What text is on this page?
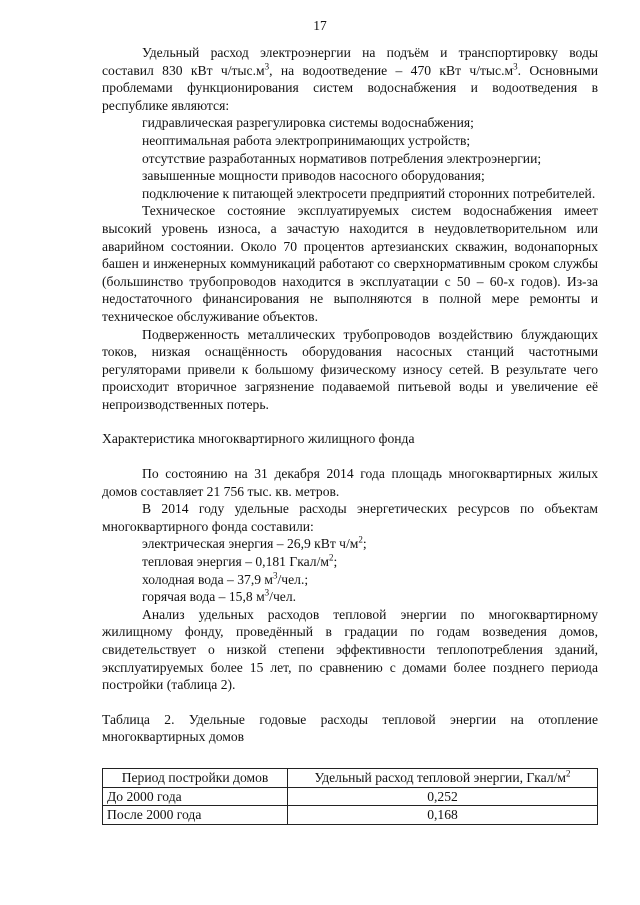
17

Удельный расход электроэнергии на подъём и транспортировку воды составил 830 кВт $ч/тыс.м^3$, на водоотведение – 470 кВт $ч/тыс.м^3$. Основными проблемами функционирования систем водоснабжения и водоотведения в республике являются:

гидравлическая разрегулировка системы водоснабжения;

неоптимальная работа электропринимающих устройств;

отсутствие разработанных нормативов потребления электроэнергии;

завышенные мощности приводов насосного оборудования;

подключение к питающей электросети предприятий сторонних потребителей.

Техническое состояние эксплуатируемых систем водоснабжения имеет высокий уровень износа, а зачастую находится в неудовлетворительном или аварийном состоянии. Около 70 процентов артезианских скважин, водонапорных башен и инженерных коммуникаций работают со сверхнормативным сроком службы (большинство трубопроводов находится в эксплуатации с 50 – 60-х годов). Из-за недостаточного финансирования не выполняются в полной мере ремонты и техническое обслуживание объектов.

Подверженность металлических трубопроводов воздействию блуждающих токов, низкая оснащённость оборудования насосных станций частотными регуляторами привели к большому физическому износу сетей. В результате чего происходит вторичное загрязнение подаваемой питьевой воды и увеличение её непроизводственных потерь.

Характеристика многоквартирного жилищного фонда

По состоянию на 31 декабря 2014 года площадь многоквартирных жилых домов составляет 21 756 тыс. кв. метров.

В 2014 году удельные расходы энергетических ресурсов по объектам многоквартирного фонда составили:

электрическая энергия – 26,9 кВт $ч/м^2$;

тепловая энергия – 0,181 Гкал/$м^2$;

холодная вода – 37,9 $м^3$/чел.;

горячая вода – 15,8 $м^3$/чел.

Анализ удельных расходов тепловой энергии по многоквартирному жилищному фонду, проведённый в градации по годам возведения домов, свидетельствует о низкой степени эффективности теплопотребления зданий, эксплуатируемых более 15 лет, по сравнению с домами более позднего периода постройки (таблица 2).

Таблица 2. Удельные годовые расходы тепловой энергии на отопление многоквартирных домов

Период постройки домов	Удельный расход тепловой энергии, Гкал/$м^2$
До 2000 года	0,252
После 2000 года	0,168
